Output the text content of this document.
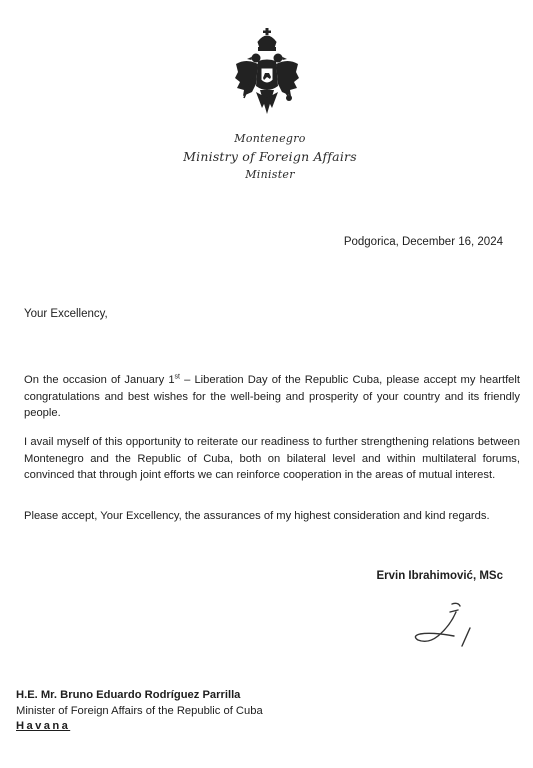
Montenegro
Ministry of Foreign Affairs
Minister
Podgorica, December 16, 2024
Your Excellency,

On the occasion of January 1st – Liberation Day of the Republic Cuba, please accept my heartfelt congratulations and best wishes for the well-being and prosperity of your country and its friendly people.

I avail myself of this opportunity to reiterate our readiness to further strengthening relations between Montenegro and the Republic of Cuba, both on bilateral level and within multilateral forums, convinced that through joint efforts we can reinforce cooperation in the areas of mutual interest.

Please accept, Your Excellency, the assurances of my highest consideration and kind regards.

Ervin Ibrahimović, MSc
H.E. Mr. Bruno Eduardo Rodríguez Parrilla
Minister of Foreign Affairs of the Republic of Cuba
Havana
